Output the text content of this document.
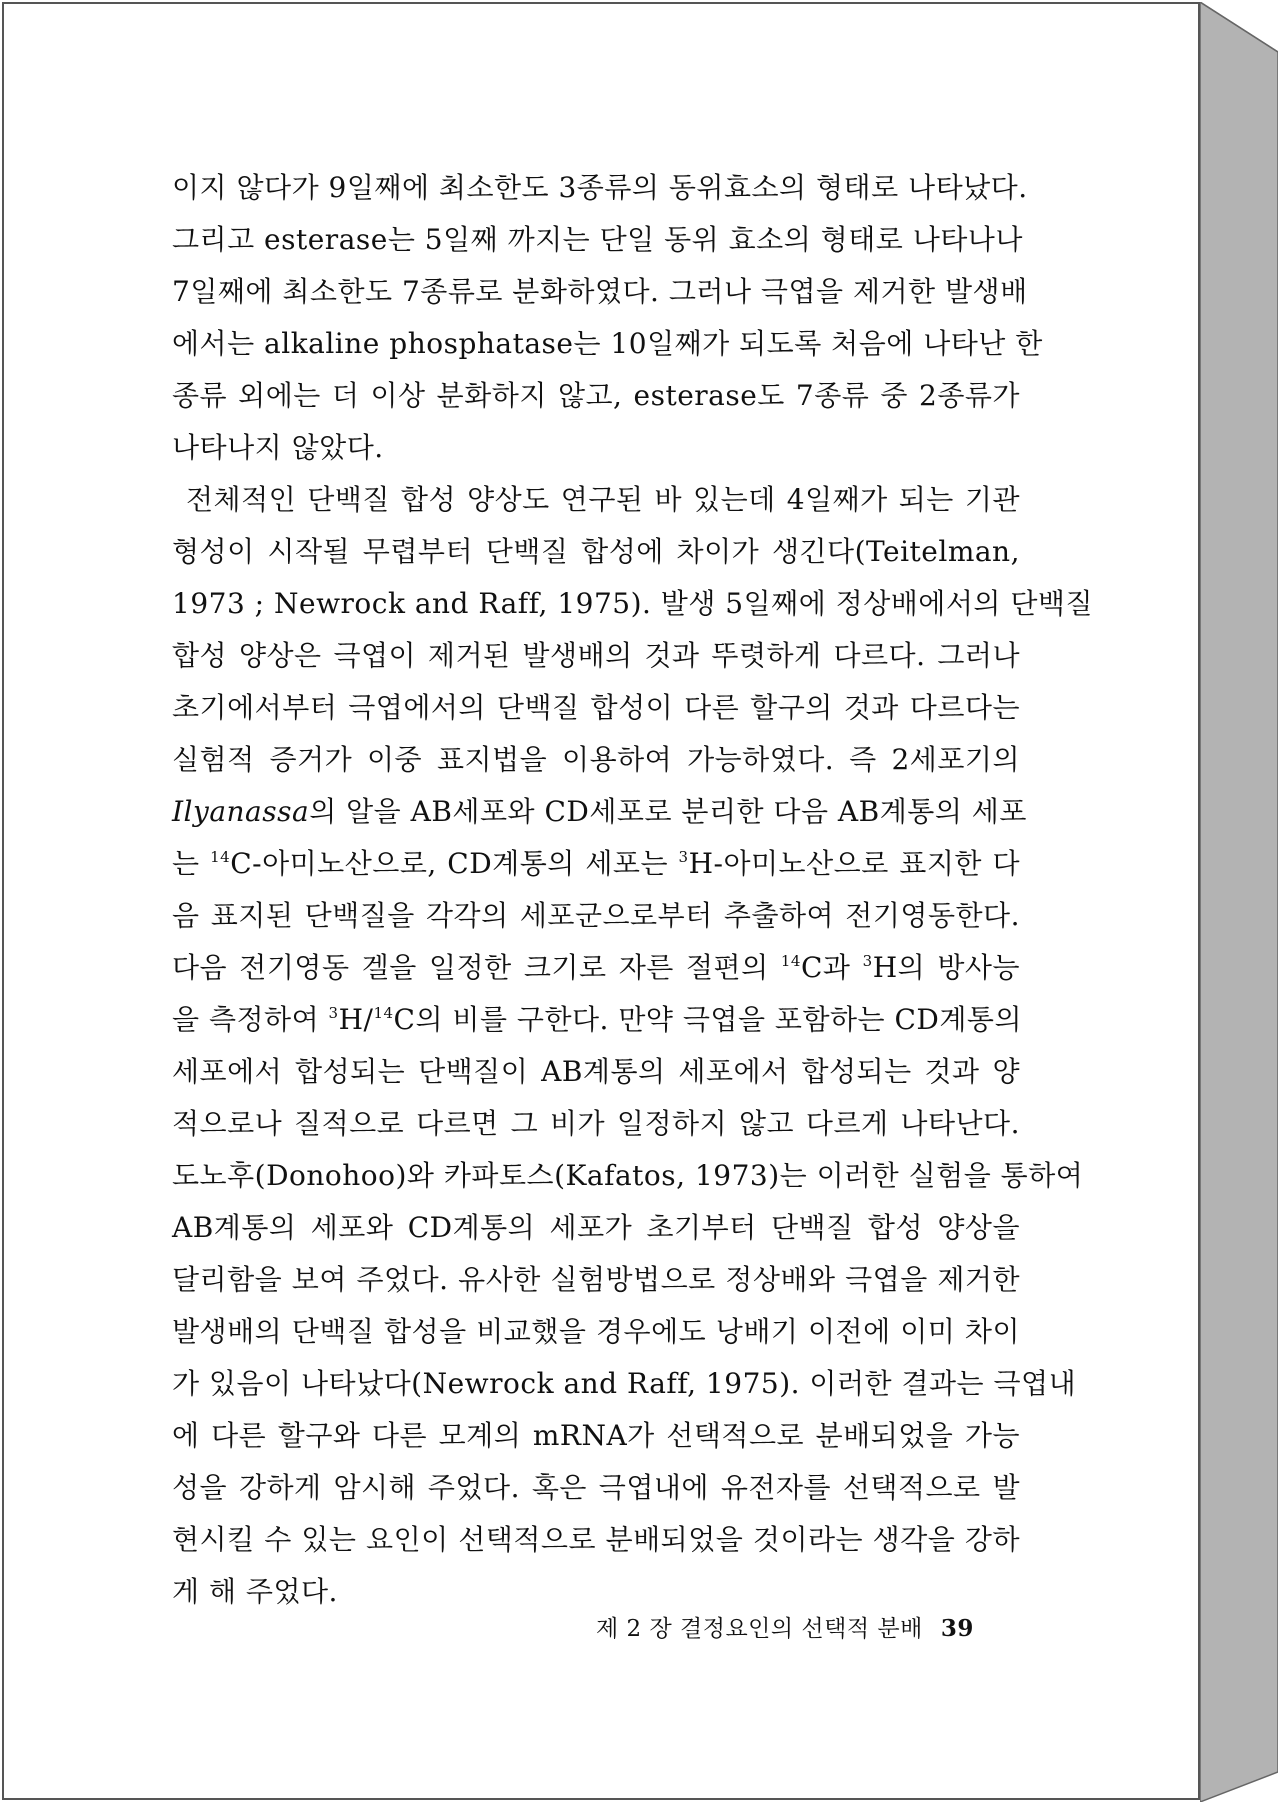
이지 않다가 9일째에 최소한도 3종류의 동위효소의 형태로 나타났다.
그리고 esterase는 5일째 까지는 단일 동위 효소의 형태로 나타나나
7일째에 최소한도 7종류로 분화하였다. 그러나 극엽을 제거한 발생배
에서는 alkaline phosphatase는 10일째가 되도록 처음에 나타난 한
종류 외에는 더 이상 분화하지 않고, esterase도 7종류 중 2종류가
나타나지 않았다.
전체적인 단백질 합성 양상도 연구된 바 있는데 4일째가 되는 기관
형성이 시작될 무렵부터 단백질 합성에 차이가 생긴다(Teitelman,
1973 ; Newrock and Raff, 1975). 발생 5일째에 정상배에서의 단백질
합성 양상은 극엽이 제거된 발생배의 것과 뚜렷하게 다르다. 그러나
초기에서부터 극엽에서의 단백질 합성이 다른 할구의 것과 다르다는
실험적 증거가 이중 표지법을 이용하여 가능하였다. 즉 2세포기의
Ilyanassa의 알을 AB세포와 CD세포로 분리한 다음 AB계통의 세포
는 $^{14}$C-아미노산으로, CD계통의 세포는 $^3$H-아미노산으로 표지한 다
음 표지된 단백질을 각각의 세포군으로부터 추출하여 전기영동한다.
다음 전기영동 겔을 일정한 크기로 자른 절편의 $^{14}$C과 $^3$H의 방사능
을 측정하여 $^3$H/$^{14}$C의 비를 구한다. 만약 극엽을 포함하는 CD계통의
세포에서 합성되는 단백질이 AB계통의 세포에서 합성되는 것과 양
적으로나 질적으로 다르면 그 비가 일정하지 않고 다르게 나타난다.
도노후(Donohoo)와 카파토스(Kafatos, 1973)는 이러한 실험을 통하여
AB계통의 세포와 CD계통의 세포가 초기부터 단백질 합성 양상을
달리함을 보여 주었다. 유사한 실험방법으로 정상배와 극엽을 제거한
발생배의 단백질 합성을 비교했을 경우에도 낭배기 이전에 이미 차이
가 있음이 나타났다(Newrock and Raff, 1975). 이러한 결과는 극엽내
에 다른 할구와 다른 모계의 mRNA가 선택적으로 분배되었을 가능
성을 강하게 암시해 주었다. 혹은 극엽내에 유전자를 선택적으로 발
현시킬 수 있는 요인이 선택적으로 분배되었을 것이라는 생각을 강하
게 해 주었다.
제 2 장 결정요인의 선택적 분배 39
